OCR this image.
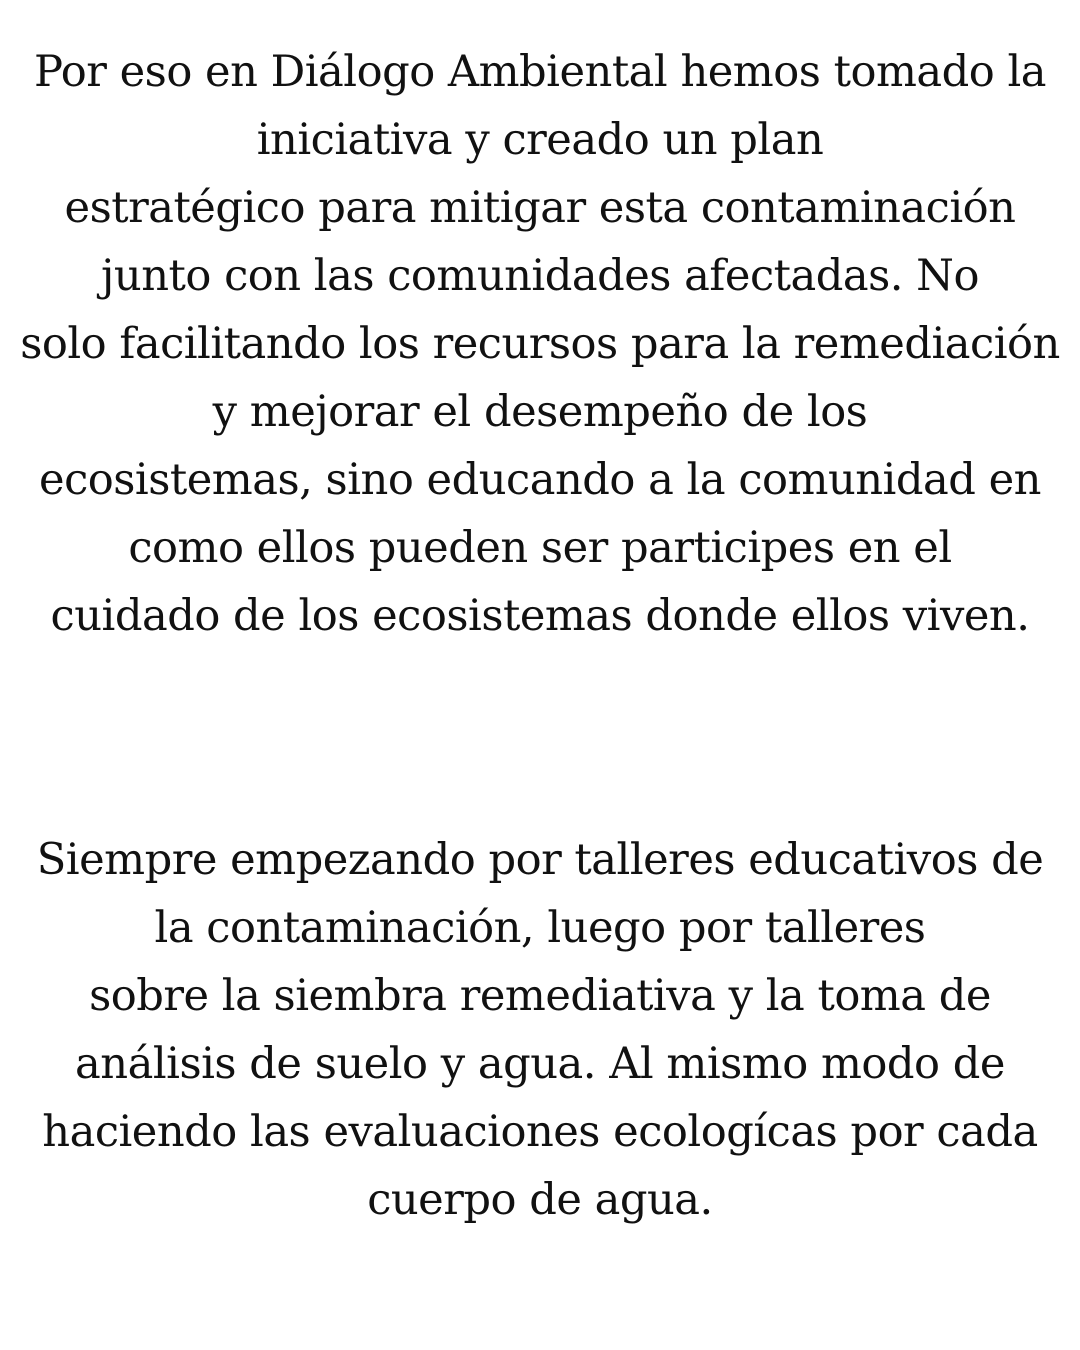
Por eso en Diálogo Ambiental hemos tomado la
iniciativa y creado un plan
estratégico para mitigar esta contaminación
junto con las comunidades afectadas. No
solo facilitando los recursos para la remediación
y mejorar el desempeño de los
ecosistemas, sino educando a la comunidad en
como ellos pueden ser participes en el
cuidado de los ecosistemas donde ellos viven.
Siempre empezando por talleres educativos de
la contaminación, luego por talleres
sobre la siembra remediativa y la toma de
análisis de suelo y agua. Al mismo modo de
haciendo las evaluaciones ecologícas por cada
cuerpo de agua.
